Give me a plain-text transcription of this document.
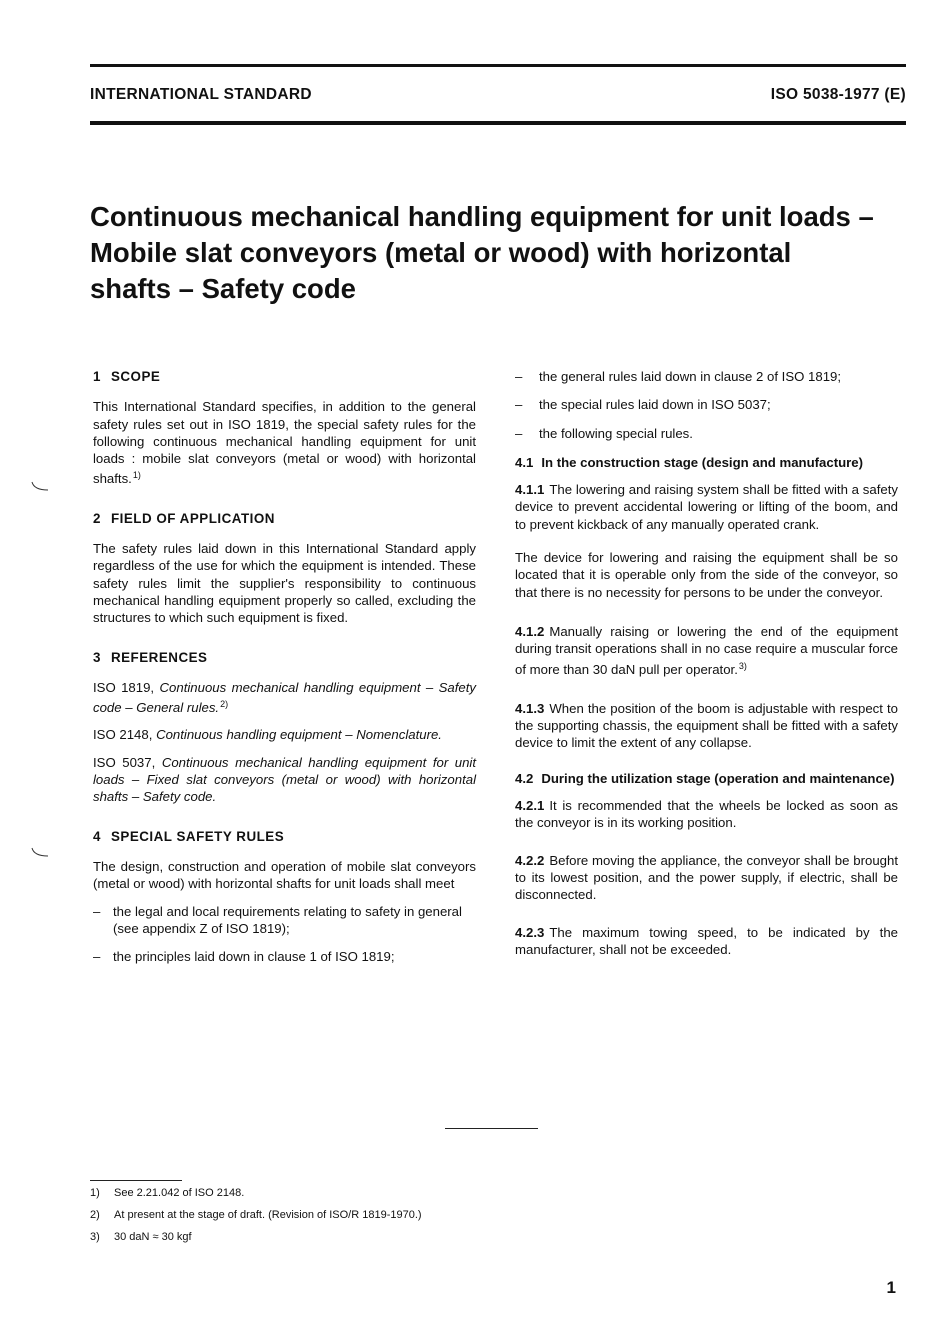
INTERNATIONAL STANDARD	ISO 5038-1977 (E)
Continuous mechanical handling equipment for unit loads –
Mobile slat conveyors (metal or wood) with horizontal
shafts – Safety code
1 SCOPE

This International Standard specifies, in addition to the general safety rules set out in ISO 1819, the special safety rules for the following continuous mechanical handling equipment for unit loads : mobile slat conveyors (metal or wood) with horizontal shafts.$^{1)}$

2 FIELD OF APPLICATION

The safety rules laid down in this International Standard apply regardless of the use for which the equipment is intended. These safety rules limit the supplier's responsibility to continuous mechanical handling equipment properly so called, excluding the structures to which such equipment is fixed.

3 REFERENCES

ISO 1819, Continuous mechanical handling equipment – Safety code – General rules.$^{2)}$

ISO 2148, Continuous handling equipment – Nomenclature.

ISO 5037, Continuous mechanical handling equipment for unit loads – Fixed slat conveyors (metal or wood) with horizontal shafts – Safety code.

4 SPECIAL SAFETY RULES

The design, construction and operation of mobile slat conveyors (metal or wood) with horizontal shafts for unit loads shall meet

– the legal and local requirements relating to safety in general (see appendix Z of ISO 1819);

– the principles laid down in clause 1 of ISO 1819;

– the general rules laid down in clause 2 of ISO 1819;

– the special rules laid down in ISO 5037;

– the following special rules.

4.1 In the construction stage (design and manufacture)

4.1.1 The lowering and raising system shall be fitted with a safety device to prevent accidental lowering or lifting of the boom, and to prevent kickback of any manually operated crank.

The device for lowering and raising the equipment shall be so located that it is operable only from the side of the conveyor, so that there is no necessity for persons to be under the conveyor.

4.1.2 Manually raising or lowering the end of the equipment during transit operations shall in no case require a muscular force of more than 30 daN pull per operator.$^{3)}$

4.1.3 When the position of the boom is adjustable with respect to the supporting chassis, the equipment shall be fitted with a safety device to limit the extent of any collapse.

4.2 During the utilization stage (operation and maintenance)

4.2.1 It is recommended that the wheels be locked as soon as the conveyor is in its working position.

4.2.2 Before moving the appliance, the conveyor shall be brought to its lowest position, and the power supply, if electric, shall be disconnected.

4.2.3 The maximum towing speed, to be indicated by the manufacturer, shall not be exceeded.

1) See 2.21.042 of ISO 2148.
2) At present at the stage of draft. (Revision of ISO/R 1819-1970.)
3) 30 daN ≈ 30 kgf
1
